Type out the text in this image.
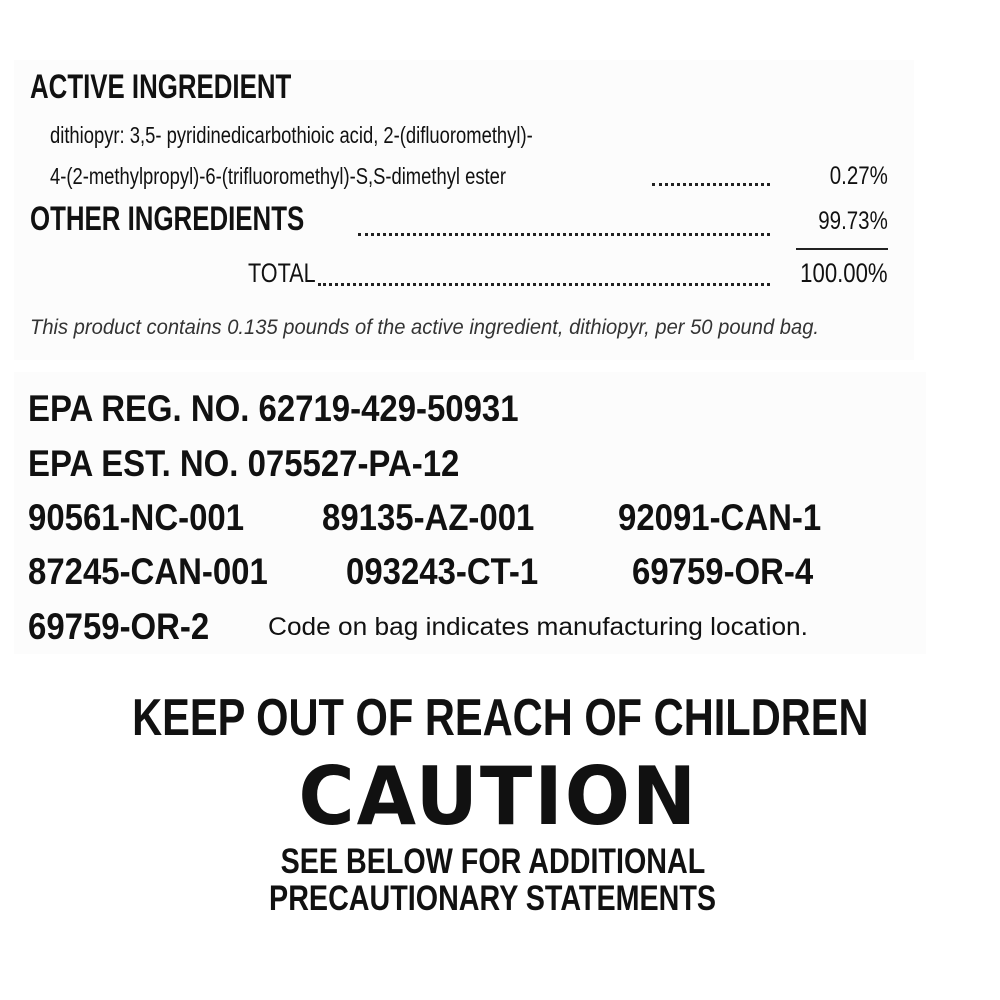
ACTIVE INGREDIENT
dithiopyr: 3,5- pyridinedicarbothioic acid, 2-(difluoromethyl)-
4-(2-methylpropyl)-6-(trifluoromethyl)-S,S-dimethyl ester	0.27%
OTHER INGREDIENTS	99.73%
TOTAL	100.00%
This product contains 0.135 pounds of the active ingredient, dithiopyr, per 50 pound bag.
EPA REG. NO. 62719-429-50931
EPA EST. NO. 075527-PA-12
90561-NC-001	89135-AZ-001	92091-CAN-1
87245-CAN-001	093243-CT-1	69759-OR-4
69759-OR-2	Code on bag indicates manufacturing location.
KEEP OUT OF REACH OF CHILDREN
CAUTION
SEE BELOW FOR ADDITIONAL
PRECAUTIONARY STATEMENTS
